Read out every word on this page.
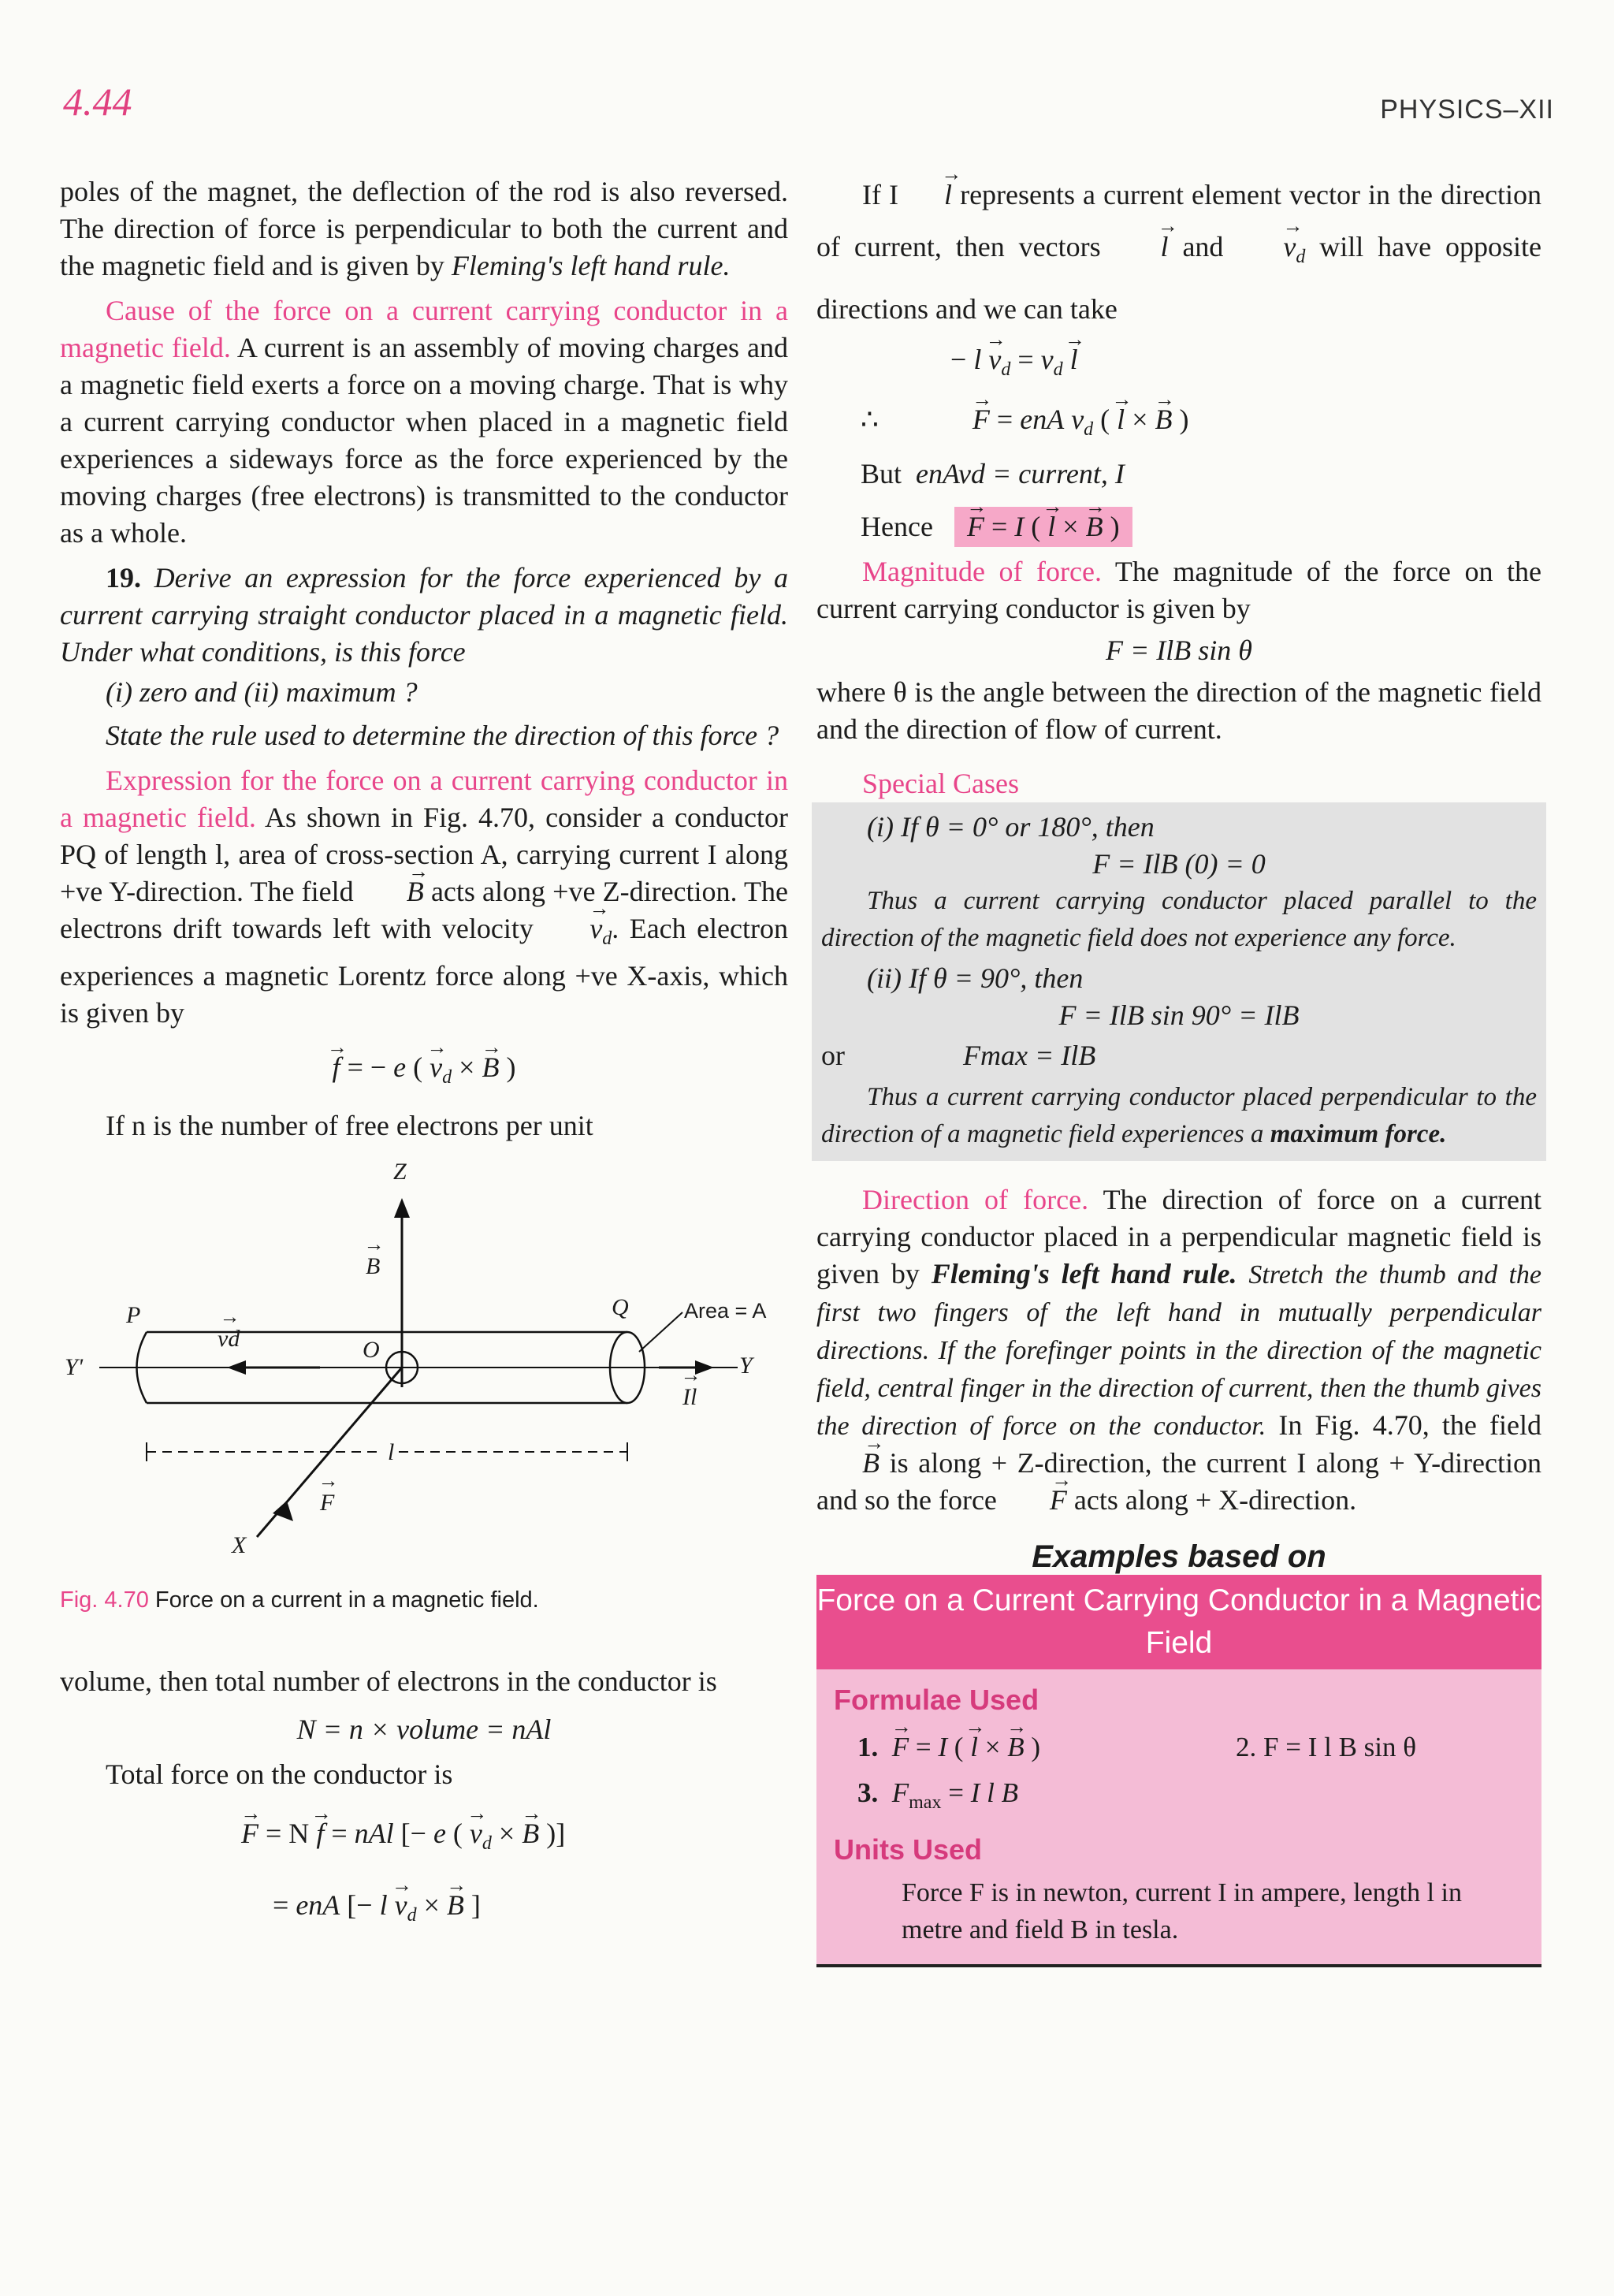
4.44	PHYSICS–XII

poles of the magnet, the deflection of the rod is also reversed. The direction of force is perpendicular to both the current and the magnetic field and is given by Fleming's left hand rule.

Cause of the force on a current carrying conductor in a magnetic field. A current is an assembly of moving charges and a magnetic field exerts a force on a moving charge. That is why a current carrying conductor when placed in a magnetic field experiences a sideways force as the force experienced by the moving charges (free electrons) is transmitted to the conductor as a whole.

19. Derive an expression for the force experienced by a current carrying straight conductor placed in a magnetic field. Under what conditions, is this force

(i) zero and (ii) maximum ?

State the rule used to determine the direction of this force ?

Expression for the force on a current carrying conductor in a magnetic field. As shown in Fig. 4.70, consider a conductor PQ of length l, area of cross-section A, carrying current I along +ve Y-direction. The field → B acts along +ve Z-direction. The electrons drift towards left with velocity → $v_d$. Each electron experiences a magnetic Lorentz force along +ve X-axis, which is given by

→ f = − e ( → $v_d$ × → B )

If n is the number of free electrons per unit

Z
→ B
P	Q	Area = A
→ vd	O
Y'	Y
→ Il
l
→ F
X
Fig. 4.70 Force on a current in a magnetic field.

volume, then total number of electrons in the conductor is

N = n × volume = nAl

Total force on the conductor is

→ F = N → f = nAl [− e ( → $v_d$ × → B )]
= enA [− $l \to v_d$ × → B ]

If I → l represents a current element vector in the direction of current, then vectors → l and → $v_d$ will have opposite directions and we can take

− $l \to v_d = v_d \to l$
∴	→ F = enA $v_d$ ( → l × → B )
But enAvd = current, I
Hence → F = I ( → l × → B )

Magnitude of force. The magnitude of the force on the current carrying conductor is given by

F = IlB sin θ

where θ is the angle between the direction of the magnetic field and the direction of flow of current.

Special Cases

(i) If θ = 0° or 180°, then

F = IlB (0) = 0

Thus a current carrying conductor placed parallel to the direction of the magnetic field does not experience any force.

(ii) If θ = 90°, then

F = IlB sin 90° = IlB
or	Fmax = IlB

Thus a current carrying conductor placed perpendicular to the direction of a magnetic field experiences a maximum force.

Direction of force. The direction of force on a current carrying conductor placed in a perpendicular magnetic field is given by Fleming's left hand rule. Stretch the thumb and the first two fingers of the left hand in mutually perpendicular directions. If the forefinger points in the direction of the magnetic field, central finger in the direction of current, then the thumb gives the direction of force on the conductor. In Fig. 4.70, the field → B is along + Z-direction, the current I along + Y-direction and so the force → F acts along + X-direction.

Examples based on
Force on a Current Carrying Conductor in a Magnetic Field
Formulae Used
1. → F = I ( → l × → B )	2. F = I l B sin θ
3. $F_{max} = I$ l B
Units Used

Force F is in newton, current I in ampere, length l in metre and field B in tesla.
